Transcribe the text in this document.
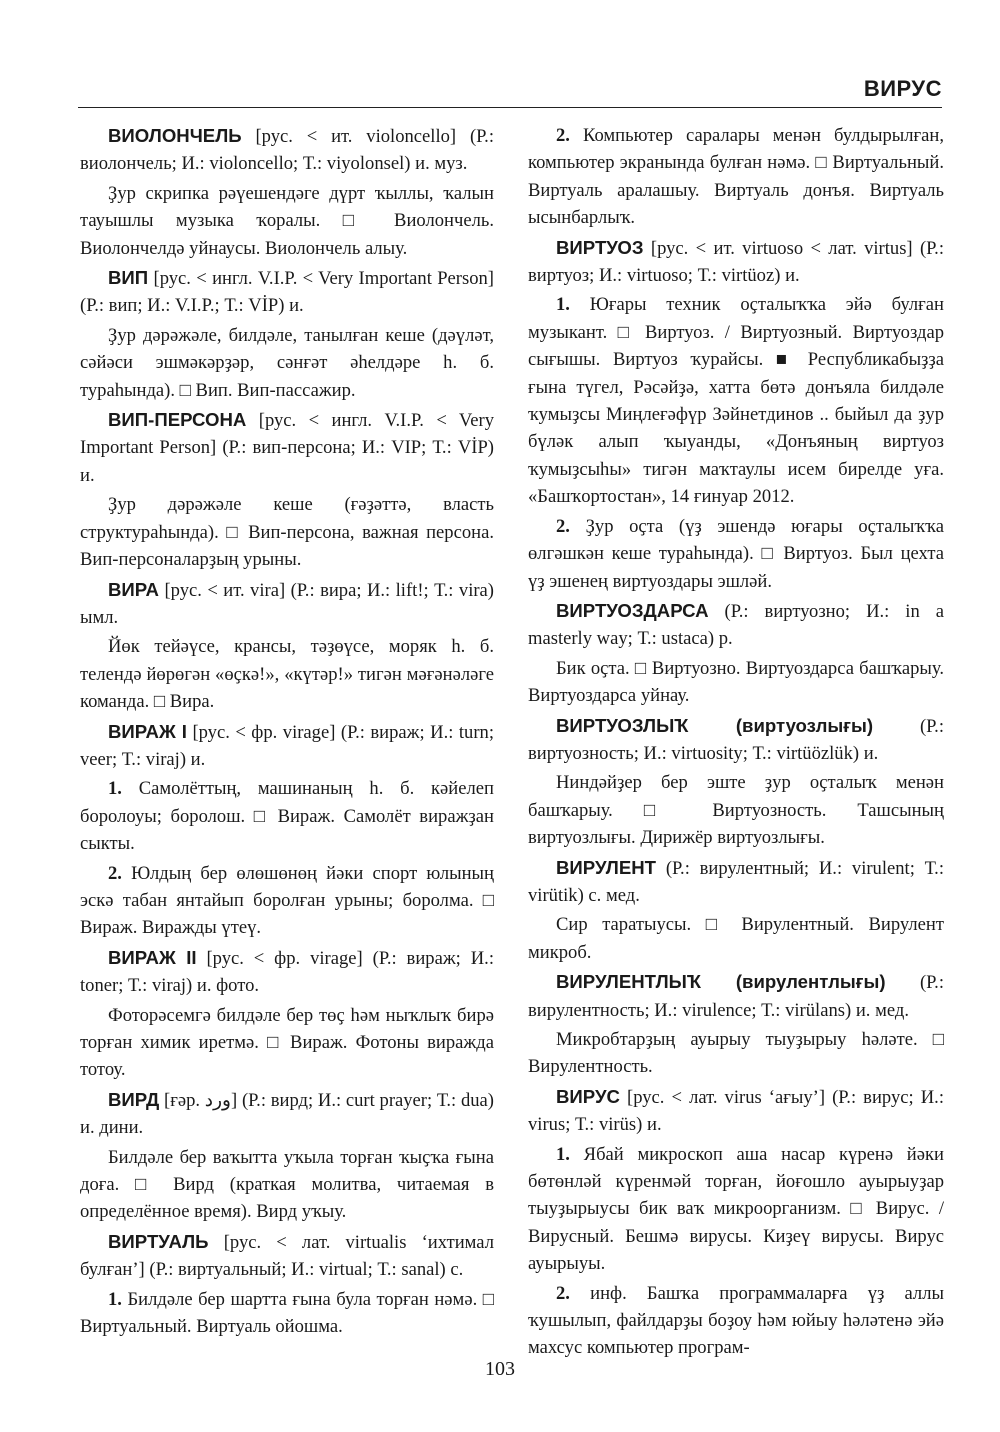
ВИРУС

ВИОЛОНЧЕЛЬ [рус. < ит. violoncello] (Р.: виолончель; И.: violoncello; Т.: viyolonsel) и. муз.

Ҙур скрипка рәүешендәге дүрт ҡыллы, ҡалын тауышлы музыка ҡоралы. □ Виолончель. Виолончелдә уйнаусы. Виолончель алыу.

ВИП [рус. < ингл. V.I.P. < Very Important Person] (Р.: вип; И.: V.I.P.; Т.: VİP) и.

Ҙур дәрәжәле, билдәле, танылған кеше (дәүләт, сәйәси эшмәкәрҙәр, сәнғәт әһелдәре һ. б. тураһында). □ Вип. Вип-пассажир.

ВИП-ПЕРСОНА [рус. < ингл. V.I.P. < Very Important Person] (Р.: вип-персона; И.: VIP; Т.: VİP) и.

Ҙур дәрәжәле кеше (ғәҙәттә, власть структураһында). □ Вип-персона, важная персона. Вип-персоналарҙың урыны.

ВИРА [рус. < ит. vira] (Р.: вира; И.: lift!; Т.: vira) ымл.

Йөк тейәүсе, крансы, тәҙөүсе, моряк һ. б. телендә йөрөгән «өҫкә!», «күтәр!» тигән мәғәнәләге команда. □ Вира.

ВИРАЖ I [рус. < фр. virage] (Р.: вираж; И.: turn; veer; Т.: viraj) и.

1. Самолёттың, машинаның һ. б. кәйелеп боролоуы; боролош. □ Вираж. Самолёт виражҙан сыкты.

2. Юлдың бер өлөшөнөң йәки спорт юлының эскә табан янтайып боролған урыны; боролма. □ Вираж. Виражды үтеү.

ВИРАЖ II [рус. < фр. virage] (Р.: вираж; И.: toner; Т.: viraj) и. фото.

Фоторәсемгә билдәле бер төҫ һәм ныҡлыҡ бирә торған химик иретмә. □ Вираж. Фотоны виражда тотоу.

ВИРД [ғәр. ورد] (Р.: вирд; И.: curt prayer; Т.: dua) и. дини.

Билдәле бер ваҡытта уҡыла торған ҡыҫҡа ғына доға. □ Вирд (краткая молитва, читаемая в определённое время). Вирд уҡыу.

ВИРТУАЛЬ [рус. < лат. virtualis ‘ихтимал булған’] (Р.: виртуальный; И.: virtual; Т.: sanal) с.

1. Билдәле бер шартта ғына була торған нәмә. □ Виртуальный. Виртуаль ойошма.

2. Компьютер саралары менән булдырылған, компьютер экранында булған нәмә. □ Виртуальный. Виртуаль аралашыу. Виртуаль донъя. Виртуаль ысынбарлыҡ.

ВИРТУОЗ [рус. < ит. virtuoso < лат. virtus] (Р.: виртуоз; И.: virtuoso; Т.: virtüoz) и.

1. Юғары техник оҫталыҡҡа эйә булған музыкант. □ Виртуоз. / Виртуозный. Виртуоздар сығышы. Виртуоз ҡурайсы. ■ Республикабыҙҙа ғына түгел, Рәсәйҙә, хатта бөтә донъяла билдәле ҡумыҙсы Миңлеғәфүр Зәйнетдинов .. быйыл да ҙур бүләк алып ҡыуанды, «Донъяның виртуоз ҡумыҙсыһы» тигән маҡтаулы исем бирелде уға. «Башҡортостан», 14 ғинуар 2012.

2. Ҙур оҫта (үҙ эшендә юғары оҫталыҡҡа өлгәшкән кеше тураһында). □ Виртуоз. Был цехта үҙ эшенең виртуоздары эшләй.

ВИРТУОЗДАРСА (Р.: виртуозно; И.: in a masterly way; Т.: ustaca) р.

Бик оҫта. □ Виртуозно. Виртуоздарса башҡарыу. Виртуоздарса уйнау.

ВИРТУОЗЛЫҠ (виртуозлығы)	(Р.: виртуозность; И.: virtuosity; Т.: virtüözlük) и.

Ниндәйҙер бер эште ҙур оҫталыҡ менән башҡарыу. □ Виртуозность. Ташсының виртуозлығы. Дирижёр виртуозлығы.

ВИРУЛЕНТ (Р.: вирулентный; И.: virulent; Т.: virütik) с. мед.

Сир таратыусы. □ Вирулентный. Вирулент микроб.

ВИРУЛЕНТЛЫҠ (вирулентлығы) (Р.: вирулентность; И.: virulence; Т.: virülans) и. мед.

Микробтарҙың ауырыу тыуҙырыу һәләте. □ Вирулентность.

ВИРУС [рус. < лат. virus ‘ағыу’] (Р.: вирус; И.: virus; Т.: virüs) и.

1. Ябай микроскоп аша насар күренә йәки бөтөнләй күренмәй торған, йоғошло ауырыуҙар тыуҙырыусы бик ваҡ микроорганизм. □ Вирус. / Вирусный. Бешмә вирусы. Киҙеү вирусы. Вирус ауырыуы.

2. инф. Башҡа программаларға үҙ аллы ҡушылып, файлдарҙы боҙоу һәм юйыу һәләтенә эйә махсус компьютер програм-

103
